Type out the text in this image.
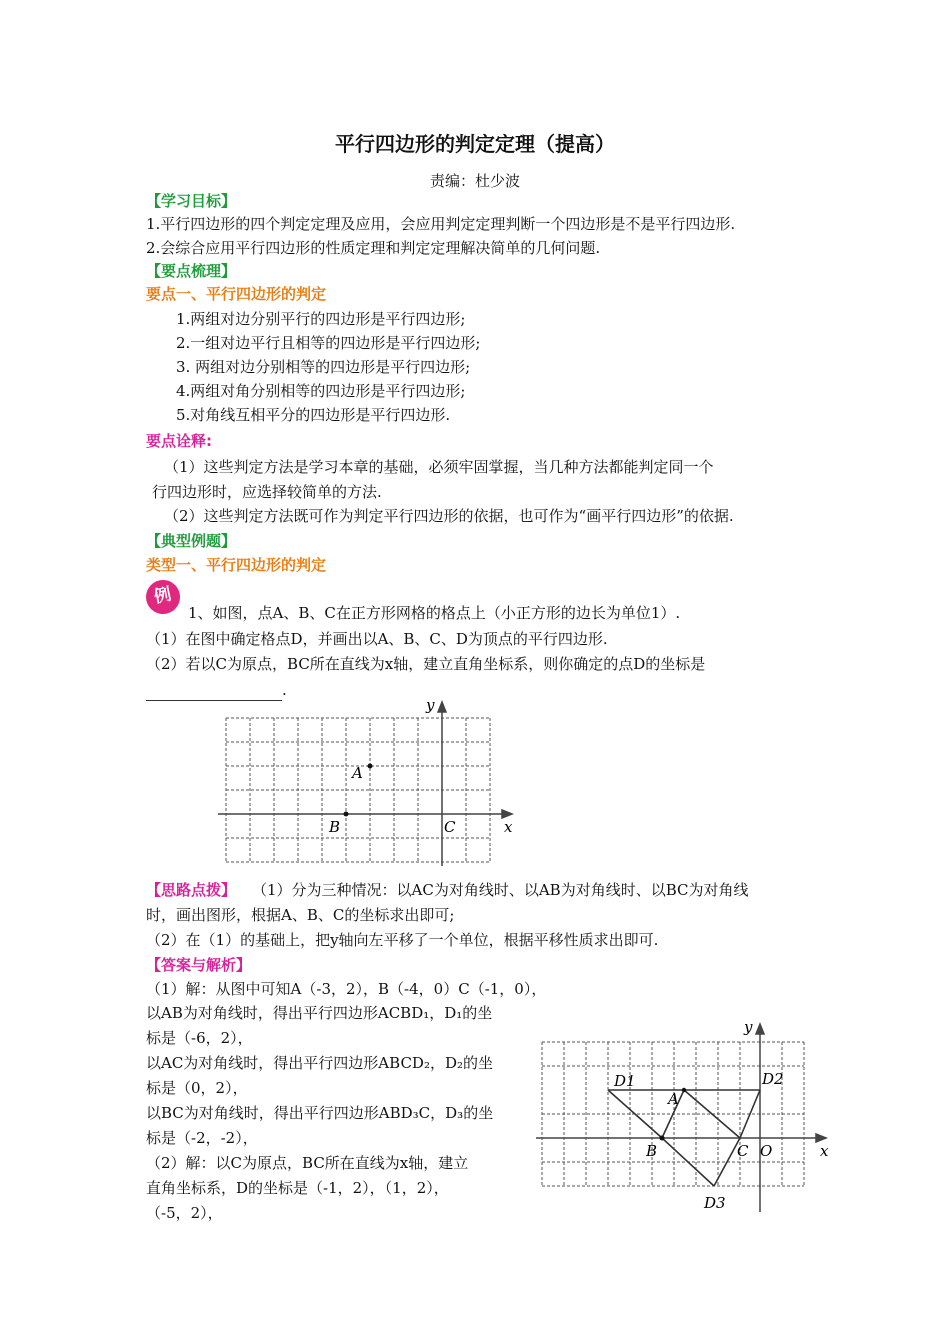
平行四边形的判定定理（提高）
责编：杜少波
【学习目标】
1.平行四边形的四个判定定理及应用，会应用判定定理判断一个四边形是不是平行四边形.
2.会综合应用平行四边形的性质定理和判定定理解决简单的几何问题.
【要点梳理】
要点一、平行四边形的判定
1.两组对边分别平行的四边形是平行四边形;
2.一组对边平行且相等的四边形是平行四边形;
3. 两组对边分别相等的四边形是平行四边形;
4.两组对角分别相等的四边形是平行四边形;
5.对角线互相平分的四边形是平行四边形.
要点诠释:
（1）这些判定方法是学习本章的基础，必须牢固掌握，当几种方法都能判定同一个
行四边形时，应选择较简单的方法.
（2）这些判定方法既可作为判定平行四边形的依据，也可作为“画平行四边形”的依据.
【典型例题】
类型一、平行四边形的判定
例
1、如图，点A、B、C在正方形网格的格点上（小正方形的边长为单位1）.
（1）在图中确定格点D，并画出以A、B、C、D为顶点的平行四边形.
（2）若以C为原点，BC所在直线为x轴，建立直角坐标系，则你确定的点D的坐标是
.
A
B	C	x
y
【思路点拨】 （1）分为三种情况：以AC为对角线时、以AB为对角线时、以BC为对角线
时，画出图形，根据A、B、C的坐标求出即可;
（2）在（1）的基础上，把y轴向左平移了一个单位，根据平移性质求出即可.
【答案与解析】
（1）解：从图中可知A（-3，2），B（-4，0）C（-1，0），
以AB为对角线时，得出平行四边形ACBD₁，D₁的坐
标是（-6，2），
以AC为对角线时，得出平行四边形ABCD₂，D₂的坐
标是（0，2），
以BC为对角线时，得出平行四边形ABD₃C，D₃的坐
标是（-2，-2），
（2）解：以C为原点，BC所在直线为x轴，建立
直角坐标系，D的坐标是（-1，2），（1，2），
（-5，2），
D1	D2
A
B	C O
D3
x
y
